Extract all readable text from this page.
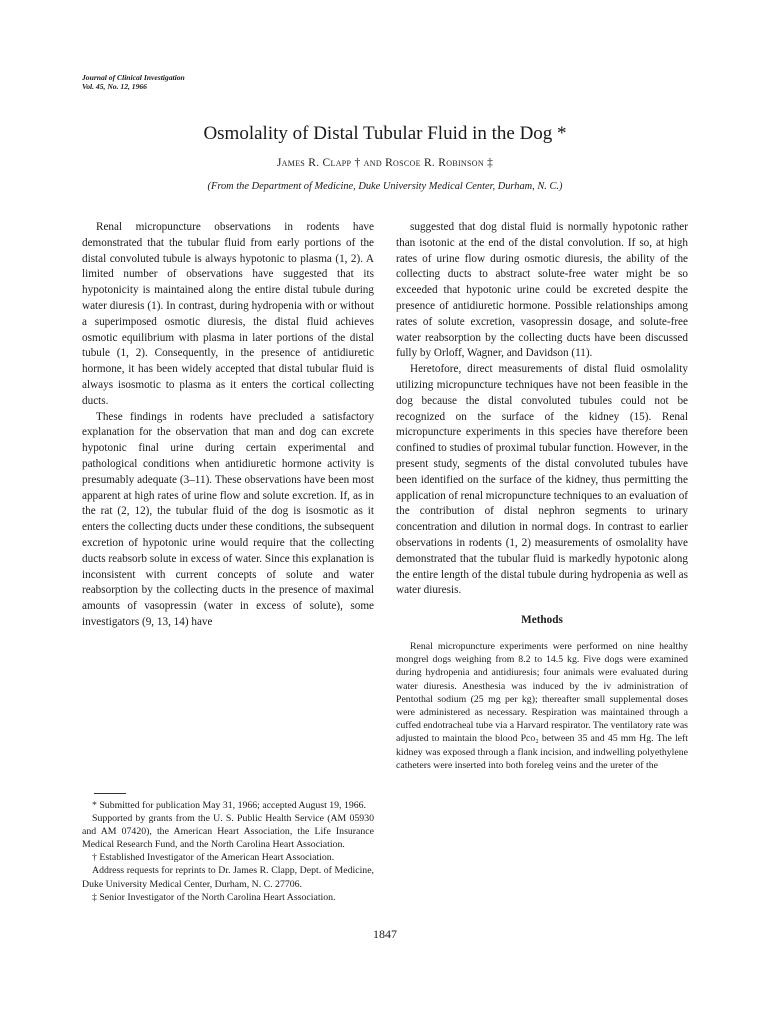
Journal of Clinical Investigation
Vol. 45, No. 12, 1966
Osmolality of Distal Tubular Fluid in the Dog *
James R. Clapp † and Roscoe R. Robinson ‡
(From the Department of Medicine, Duke University Medical Center, Durham, N. C.)

Renal micropuncture observations in rodents have demonstrated that the tubular fluid from early portions of the distal convoluted tubule is always hypotonic to plasma (1, 2). A limited number of observations have suggested that its hypotonicity is maintained along the entire distal tubule during water diuresis (1). In contrast, during hydropenia with or without a superimposed osmotic diuresis, the distal fluid achieves osmotic equilibrium with plasma in later portions of the distal tubule (1, 2). Consequently, in the presence of antidiuretic hormone, it has been widely accepted that distal tubular fluid is always isosmotic to plasma as it enters the cortical collecting ducts.

These findings in rodents have precluded a satisfactory explanation for the observation that man and dog can excrete hypotonic final urine during certain experimental and pathological conditions when antidiuretic hormone activity is presumably adequate (3–11). These observations have been most apparent at high rates of urine flow and solute excretion. If, as in the rat (2, 12), the tubular fluid of the dog is isosmotic as it enters the collecting ducts under these conditions, the subsequent excretion of hypotonic urine would require that the collecting ducts reabsorb solute in excess of water. Since this explanation is inconsistent with current concepts of solute and water reabsorption by the collecting ducts in the presence of maximal amounts of vasopressin (water in excess of solute), some investigators (9, 13, 14) have

suggested that dog distal fluid is normally hypotonic rather than isotonic at the end of the distal convolution. If so, at high rates of urine flow during osmotic diuresis, the ability of the collecting ducts to abstract solute-free water might be so exceeded that hypotonic urine could be excreted despite the presence of antidiuretic hormone. Possible relationships among rates of solute excretion, vasopressin dosage, and solute-free water reabsorption by the collecting ducts have been discussed fully by Orloff, Wagner, and Davidson (11).

Heretofore, direct measurements of distal fluid osmolality utilizing micropuncture techniques have not been feasible in the dog because the distal convoluted tubules could not be recognized on the surface of the kidney (15). Renal micropuncture experiments in this species have therefore been confined to studies of proximal tubular function. However, in the present study, segments of the distal convoluted tubules have been identified on the surface of the kidney, thus permitting the application of renal micropuncture techniques to an evaluation of the contribution of distal nephron segments to urinary concentration and dilution in normal dogs. In contrast to earlier observations in rodents (1, 2) measurements of osmolality have demonstrated that the tubular fluid is markedly hypotonic along the entire length of the distal tubule during hydropenia as well as water diuresis.

Methods

Renal micropuncture experiments were performed on nine healthy mongrel dogs weighing from 8.2 to 14.5 kg. Five dogs were examined during hydropenia and antidiuresis; four animals were evaluated during water diuresis. Anesthesia was induced by the iv administration of Pentothal sodium (25 mg per kg); thereafter small supplemental doses were administered as necessary. Respiration was maintained through a cuffed endotracheal tube via a Harvard respirator. The ventilatory rate was adjusted to maintain the blood Pco₂ between 35 and 45 mm Hg. The left kidney was exposed through a flank incision, and indwelling polyethylene catheters were inserted into both foreleg veins and the ureter of the

* Submitted for publication May 31, 1966; accepted August 19, 1966.

Supported by grants from the U. S. Public Health Service (AM 05930 and AM 07420), the American Heart Association, the Life Insurance Medical Research Fund, and the North Carolina Heart Association.

† Established Investigator of the American Heart Association.

Address requests for reprints to Dr. James R. Clapp, Dept. of Medicine, Duke University Medical Center, Durham, N. C. 27706.

‡ Senior Investigator of the North Carolina Heart Association.

1847
